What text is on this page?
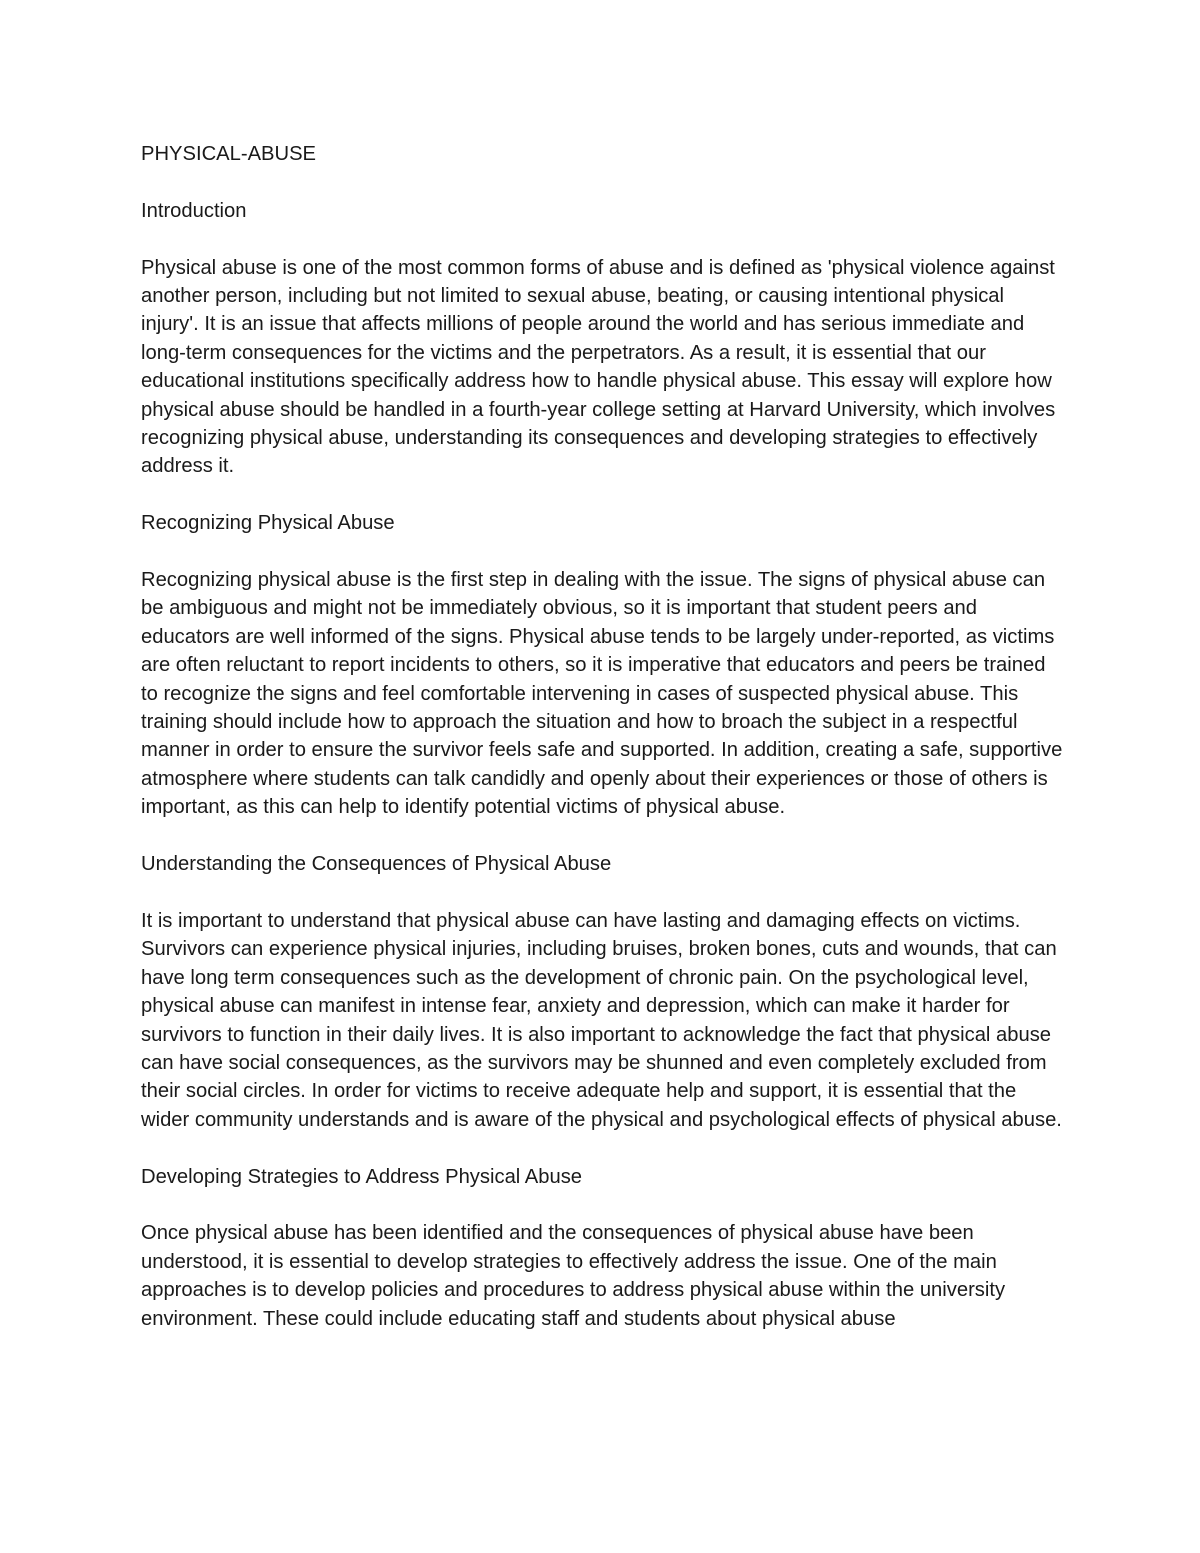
PHYSICAL-ABUSE

Introduction

Physical abuse is one of the most common forms of abuse and is defined as 'physical violence against another person, including but not limited to sexual abuse, beating, or causing intentional physical injury'. It is an issue that affects millions of people around the world and has serious immediate and long-term consequences for the victims and the perpetrators. As a result, it is essential that our educational institutions specifically address how to handle physical abuse. This essay will explore how physical abuse should be handled in a fourth-year college setting at Harvard University, which involves recognizing physical abuse, understanding its consequences and developing strategies to effectively address it.

Recognizing Physical Abuse

Recognizing physical abuse is the first step in dealing with the issue. The signs of physical abuse can be ambiguous and might not be immediately obvious, so it is important that student peers and educators are well informed of the signs. Physical abuse tends to be largely under-reported, as victims are often reluctant to report incidents to others, so it is imperative that educators and peers be trained to recognize the signs and feel comfortable intervening in cases of suspected physical abuse. This training should include how to approach the situation and how to broach the subject in a respectful manner in order to ensure the survivor feels safe and supported. In addition, creating a safe, supportive atmosphere where students can talk candidly and openly about their experiences or those of others is important, as this can help to identify potential victims of physical abuse.

Understanding the Consequences of Physical Abuse

It is important to understand that physical abuse can have lasting and damaging effects on victims. Survivors can experience physical injuries, including bruises, broken bones, cuts and wounds, that can have long term consequences such as the development of chronic pain. On the psychological level, physical abuse can manifest in intense fear, anxiety and depression, which can make it harder for survivors to function in their daily lives. It is also important to acknowledge the fact that physical abuse can have social consequences, as the survivors may be shunned and even completely excluded from their social circles. In order for victims to receive adequate help and support, it is essential that the wider community understands and is aware of the physical and psychological effects of physical abuse.

Developing Strategies to Address Physical Abuse

Once physical abuse has been identified and the consequences of physical abuse have been understood, it is essential to develop strategies to effectively address the issue. One of the main approaches is to develop policies and procedures to address physical abuse within the university environment. These could include educating staff and students about physical abuse
